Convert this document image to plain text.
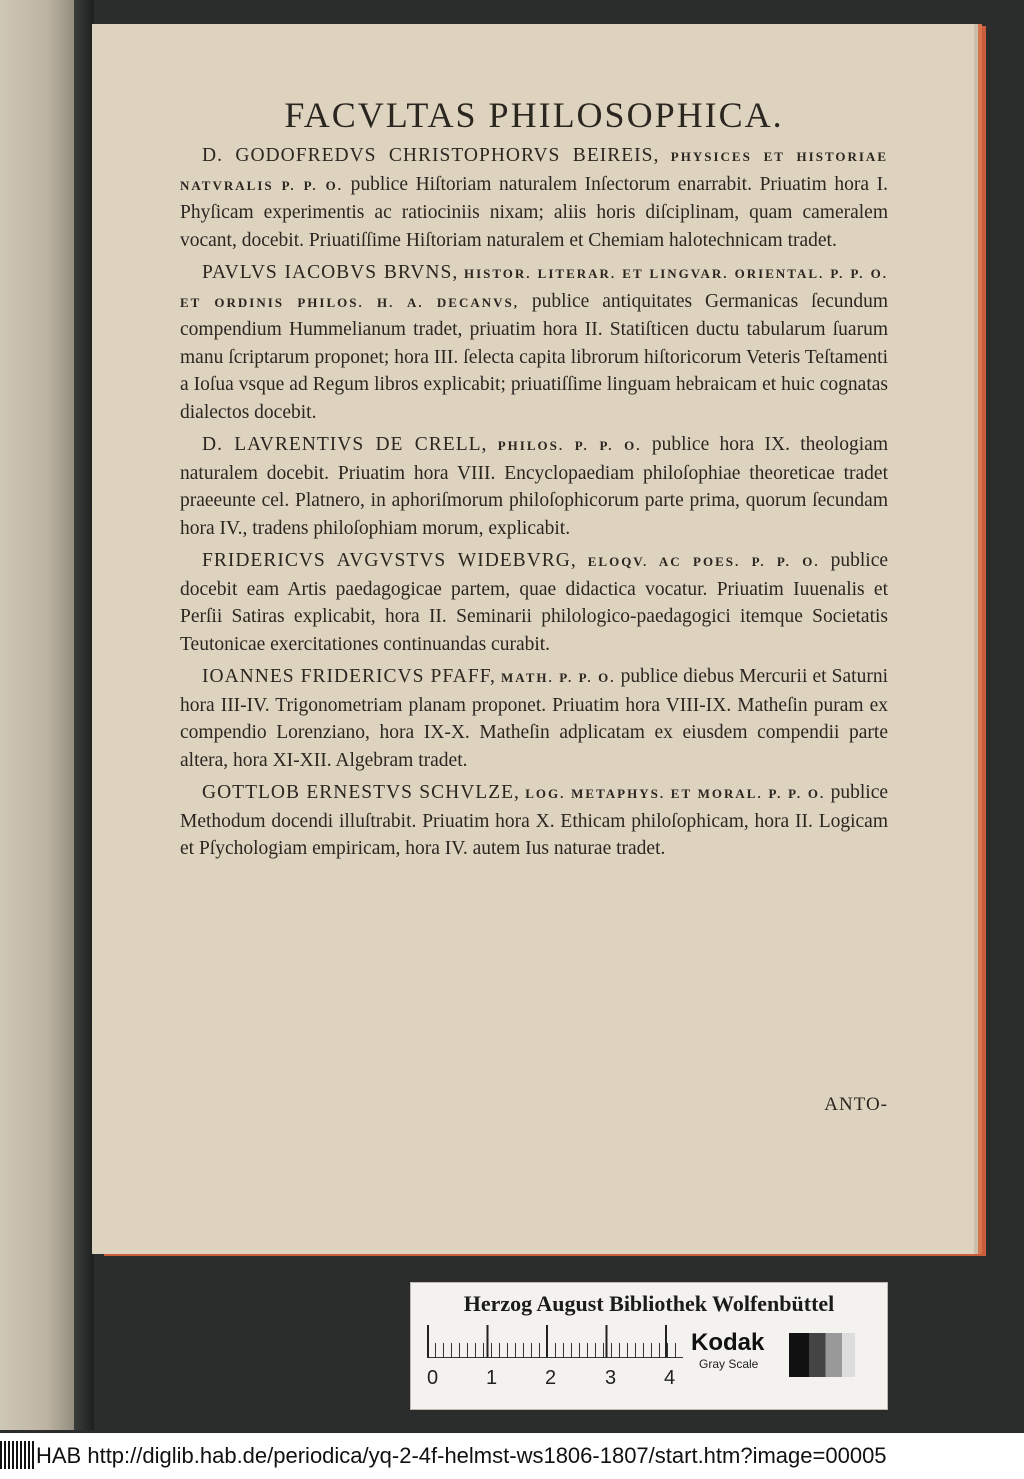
FACVLTAS PHILOSOPHICA.

D. GODOFREDVS CHRISTOPHORVS BEIREIS, PHYSICES ET HISTORIAE NATVRALIS P. P. O. publice Hiſtoriam naturalem Inſectorum enarrabit. Priuatim hora I. Phyſicam experimentis ac ratiociniis nixam; aliis horis diſciplinam, quam cameralem vocant, docebit. Priuatiſſime Hiſtoriam naturalem et Chemiam halotechnicam tradet.

PAVLVS IACOBVS BRVNS, HISTOR. LITERAR. ET LINGVAR. ORIENTAL. P. P. O. ET ORDINIS PHILOS. H. A. DECANVS, publice antiquitates Germanicas ſecundum compendium Hummelianum tradet, priuatim hora II. Statiſticen ductu tabularum ſuarum manu ſcriptarum proponet; hora III. ſelecta capita librorum hiſtoricorum Veteris Teſtamenti a Ioſua vsque ad Regum libros explicabit; priuatiſſime linguam hebraicam et huic cognatas dialectos docebit.

D. LAVRENTIVS DE CRELL, PHILOS. P. P. O. publice hora IX. theologiam naturalem docebit. Priuatim hora VIII. Encyclopaediam philoſophiae theoreticae tradet praeeunte cel. Platnero, in aphoriſmorum philoſophicorum parte prima, quorum ſecundam hora IV., tradens philoſophiam morum, explicabit.

FRIDERICVS AVGVSTVS WIDEBVRG, ELOQV. AC POES. P. P. O. publice docebit eam Artis paedagogicae partem, quae didactica vocatur. Priuatim Iuuenalis et Perſii Satiras explicabit, hora II. Seminarii philologico-paedagogici itemque Societatis Teutonicae exercitationes continuandas curabit.

IOANNES FRIDERICVS PFAFF, MATH. P. P. O. publice diebus Mercurii et Saturni hora III-IV. Trigonometriam planam proponet. Priuatim hora VIII-IX. Matheſin puram ex compendio Lorenziano, hora IX-X. Matheſin adplicatam ex eiusdem compendii parte altera, hora XI-XII. Algebram tradet.

GOTTLOB ERNESTVS SCHVLZE, LOG. METAPHYS. ET MORAL. P. P. O. publice Methodum docendi illuſtrabit. Priuatim hora X. Ethicam philoſophicam, hora II. Logicam et Pſychologiam empiricam, hora IV. autem Ius naturae tradet.

ANTO-
Herzog August Bibliothek Wolfenbüttel
0 1 2 3 4
Kodak
Gray Scale
HAB http://diglib.hab.de/periodica/yq-2-4f-helmst-ws1806-1807/start.htm?image=00005
